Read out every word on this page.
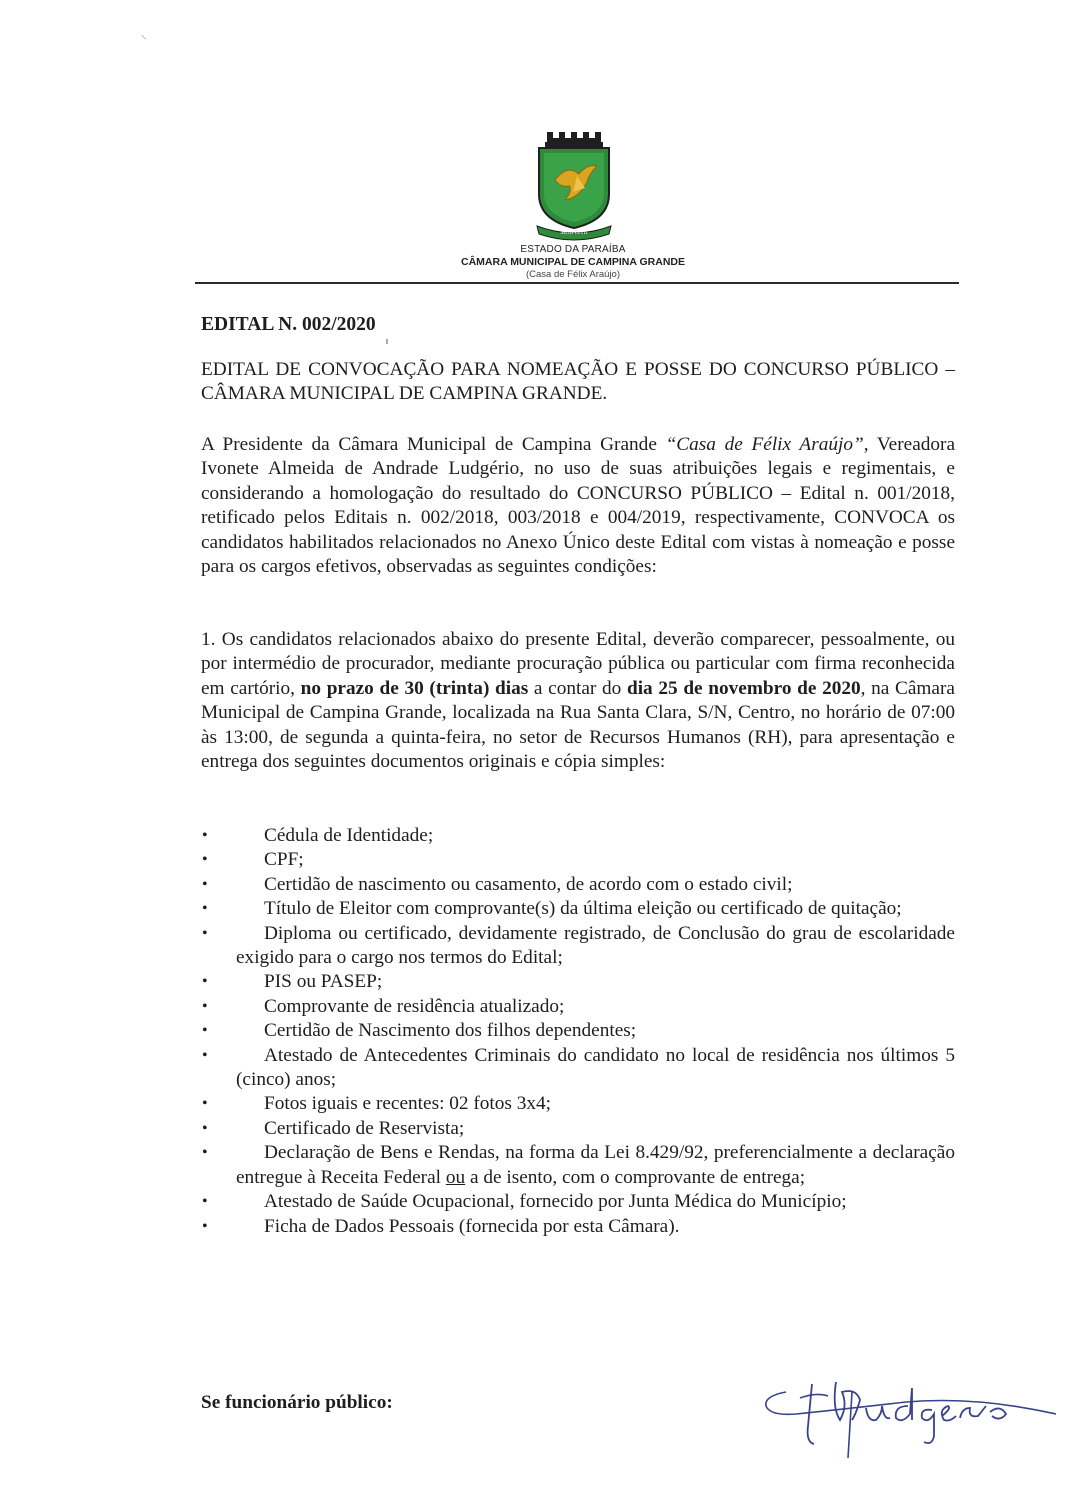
Meus Levis
ESTADO DA PARAÍBA
CÂMARA MUNICIPAL DE CAMPINA GRANDE
(Casa de Félix Araújo)
EDITAL N. 002/2020
EDITAL DE CONVOCAÇÃO PARA NOMEAÇÃO E POSSE DO CONCURSO PÚBLICO – CÂMARA MUNICIPAL DE CAMPINA GRANDE.
A Presidente da Câmara Municipal de Campina Grande “Casa de Félix Araújo”, Vereadora Ivonete Almeida de Andrade Ludgério, no uso de suas atribuições legais e regimentais, e considerando a homologação do resultado do CONCURSO PÚBLICO – Edital n. 001/2018, retificado pelos Editais n. 002/2018, 003/2018 e 004/2019, respectivamente, CONVOCA os candidatos habilitados relacionados no Anexo Único deste Edital com vistas à nomeação e posse para os cargos efetivos, observadas as seguintes condições:
1. Os candidatos relacionados abaixo do presente Edital, deverão comparecer, pessoalmente, ou por intermédio de procurador, mediante procuração pública ou particular com firma reconhecida em cartório, no prazo de 30 (trinta) dias a contar do dia 25 de novembro de 2020, na Câmara Municipal de Campina Grande, localizada na Rua Santa Clara, S/N, Centro, no horário de 07:00 às 13:00, de segunda a quinta-feira, no setor de Recursos Humanos (RH), para apresentação e entrega dos seguintes documentos originais e cópia simples:
•	Cédula de Identidade;
•	CPF;
•	Certidão de nascimento ou casamento, de acordo com o estado civil;
•	Título de Eleitor com comprovante(s) da última eleição ou certificado de quitação;
•	Diploma ou certificado, devidamente registrado, de Conclusão do grau de escolaridade exigido para o cargo nos termos do Edital;
•	PIS ou PASEP;
•	Comprovante de residência atualizado;
•	Certidão de Nascimento dos filhos dependentes;
•	Atestado de Antecedentes Criminais do candidato no local de residência nos últimos 5 (cinco) anos;
•	Fotos iguais e recentes: 02 fotos 3x4;
•	Certificado de Reservista;
•	Declaração de Bens e Rendas, na forma da Lei 8.429/92, preferencialmente a declaração entregue à Receita Federal ou a de isento, com o comprovante de entrega;
•	Atestado de Saúde Ocupacional, fornecido por Junta Médica do Município;
•	Ficha de Dados Pessoais (fornecida por esta Câmara).
Se funcionário público:
HLudgerio
